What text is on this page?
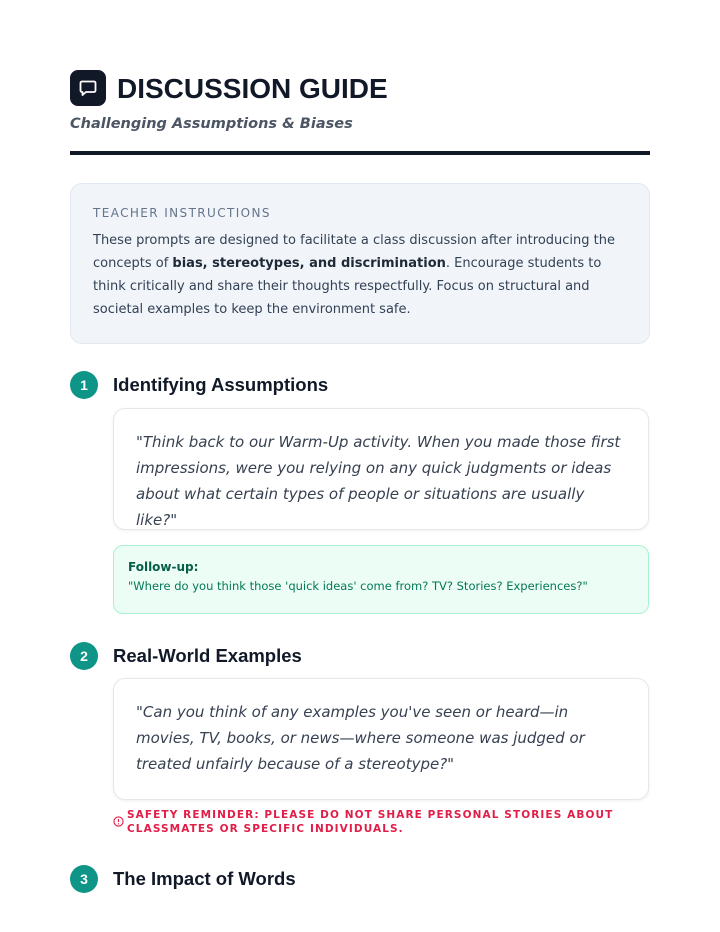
DISCUSSION GUIDE
Challenging Assumptions & Biases
TEACHER INSTRUCTIONS
These prompts are designed to facilitate a class discussion after introducing the concepts of bias, stereotypes, and discrimination. Encourage students to think critically and share their thoughts respectfully. Focus on structural and societal examples to keep the environment safe.
1	Identifying Assumptions
"Think back to our Warm-Up activity. When you made those first impressions, were you relying on any quick judgments or ideas about what certain types of people or situations are usually like?"
Follow-up:
"Where do you think those 'quick ideas' come from? TV? Stories? Experiences?"
2	Real-World Examples
"Can you think of any examples you've seen or heard—in movies, TV, books, or news—where someone was judged or treated unfairly because of a stereotype?"
SAFETY REMINDER: PLEASE DO NOT SHARE PERSONAL STORIES ABOUT CLASSMATES OR SPECIFIC INDIVIDUALS.
3	The Impact of Words
